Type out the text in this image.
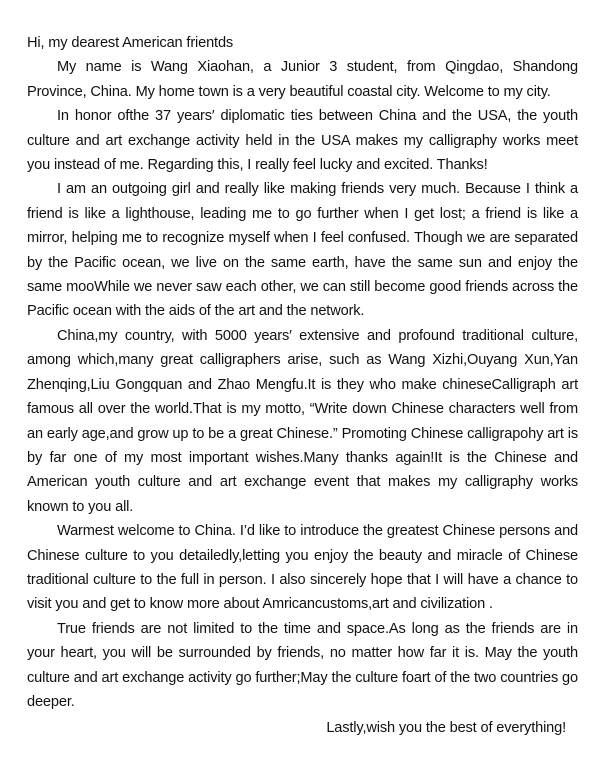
Hi, my dearest American frientds

My name is Wang Xiaohan, a Junior 3 student, from Qingdao, Shandong Province, China. My home town is a very beautiful coastal city. Welcome to my city.

In honor ofthe 37 years′ diplomatic ties between China and the USA, the youth culture and art exchange activity held in the USA makes my calligraphy works meet you instead of me. Regarding this, I really feel lucky and excited. Thanks!

I am an outgoing girl and really like making friends very much. Because I think a friend is like a lighthouse, leading me to go further when I get lost; a friend is like a mirror, helping me to recognize myself when I feel confused. Though we are separated by the Pacific ocean, we live on the same earth, have the same sun and enjoy the same mooWhile we never saw each other, we can still become good friends across the Pacific ocean with the aids of the art and the network.

China,my country, with 5000 years′ extensive and profound traditional culture, among which,many great calligraphers arise, such as Wang Xizhi,Ouyang Xun,Yan Zhenqing,Liu Gongquan and Zhao Mengfu.It is they who make chineseCalligraph art famous all over the world.That is my motto, “Write down Chinese characters well from an early age,and grow up to be a great Chinese.” Promoting Chinese calligrapohy art is by far one of my most important wishes.Many thanks again!It is the Chinese and American youth culture and art exchange event that makes my calligraphy works known to you all.

Warmest welcome to China. I’d like to introduce the greatest Chinese persons and Chinese culture to you detailedly,letting you enjoy the beauty and miracle of Chinese traditional culture to the full in person. I also sincerely hope that I will have a chance to visit you and get to know more about Amricancustoms,art and civilization .

True friends are not limited to the time and space.As long as the friends are in your heart, you will be surrounded by friends, no matter how far it is. May the youth culture and art exchange activity go further;May the culture foart of the two countries go deeper.

Lastly,wish you the best of everything!
